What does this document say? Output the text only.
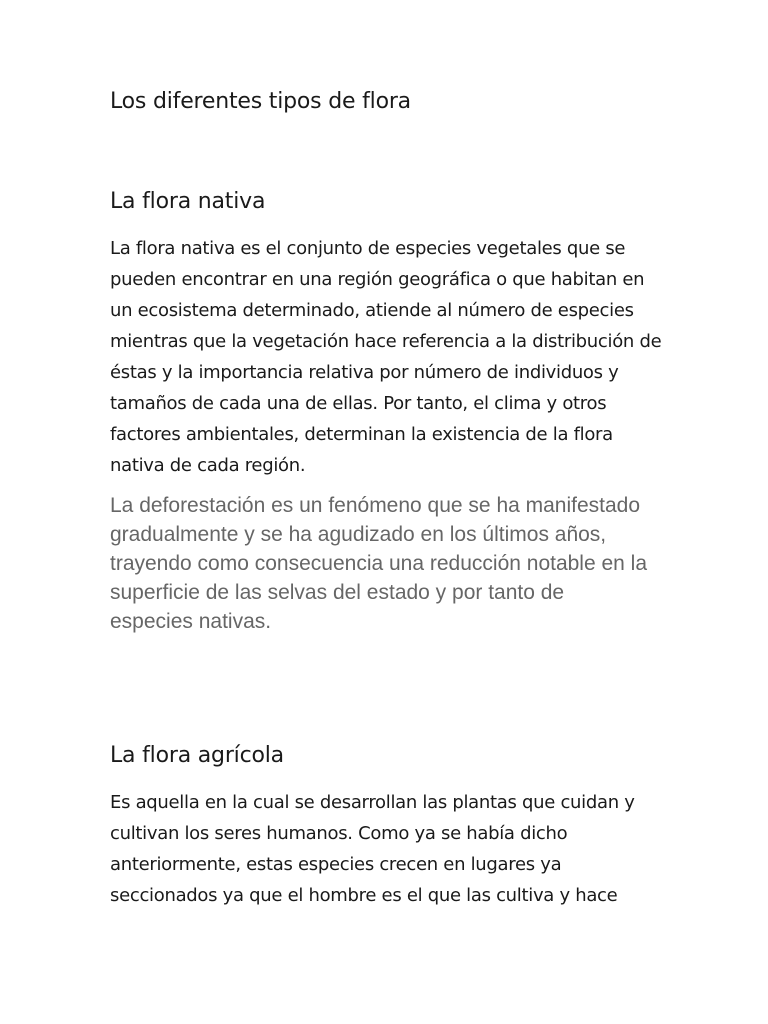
Los diferentes tipos de flora
La flora nativa

La flora nativa es el conjunto de especies vegetales que se pueden encontrar en una región geográfica o que habitan en un ecosistema determinado, atiende al número de especies mientras que la vegetación hace referencia a la distribución de éstas y la importancia relativa por número de individuos y tamaños de cada una de ellas. Por tanto, el clima y otros factores ambientales, determinan la existencia de la flora nativa de cada región.

La deforestación es un fenómeno que se ha manifestado gradualmente y se ha agudizado en los últimos años, trayendo como consecuencia una reducción notable en la superficie de las selvas del estado y por tanto de especies nativas.

La flora agrícola

Es aquella en la cual se desarrollan las plantas que cuidan y cultivan los seres humanos. Como ya se había dicho anteriormente, estas especies crecen en lugares ya seccionados ya que el hombre es el que las cultiva y hace
